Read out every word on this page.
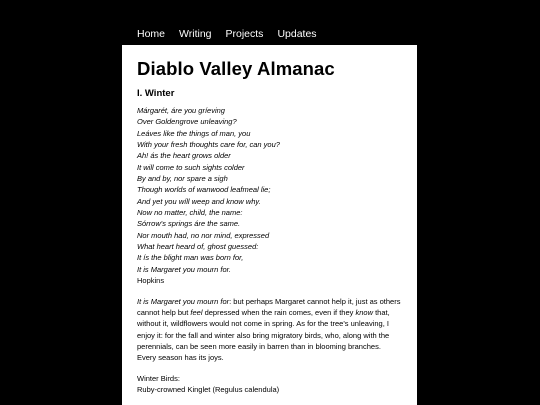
Home Writing Projects Updates
Diablo Valley Almanac
I. Winter
Márgarét, áre you gríeving
Over Goldengrove unleaving?
Leáves like the things of man, you
With your fresh thoughts care for, can you?
Ah! ás the heart grows older
It will come to such sights colder
By and by, nor spare a sigh
Though worlds of wanwood leafmeal lie;
And yet you wíll weep and know why.
Now no matter, child, the name:
Sórrow's springs áre the same.
Nor mouth had, no nor mind, expressed
What heart heard of, ghost guessed:
It ís the blight man was born for,
It is Margaret you mourn for.
Hopkins
It is Margaret you mourn for: but perhaps Margaret cannot help it, just as others cannot help but feel depressed when the rain comes, even if they know that, without it, wildflowers would not come in spring. As for the tree's unleaving, I enjoy it: for the fall and winter also bring migratory birds, who, along with the perennials, can be seen more easily in barren than in blooming branches. Every season has its joys.
Winter Birds:
Ruby-crowned Kinglet (Regulus calendula)
